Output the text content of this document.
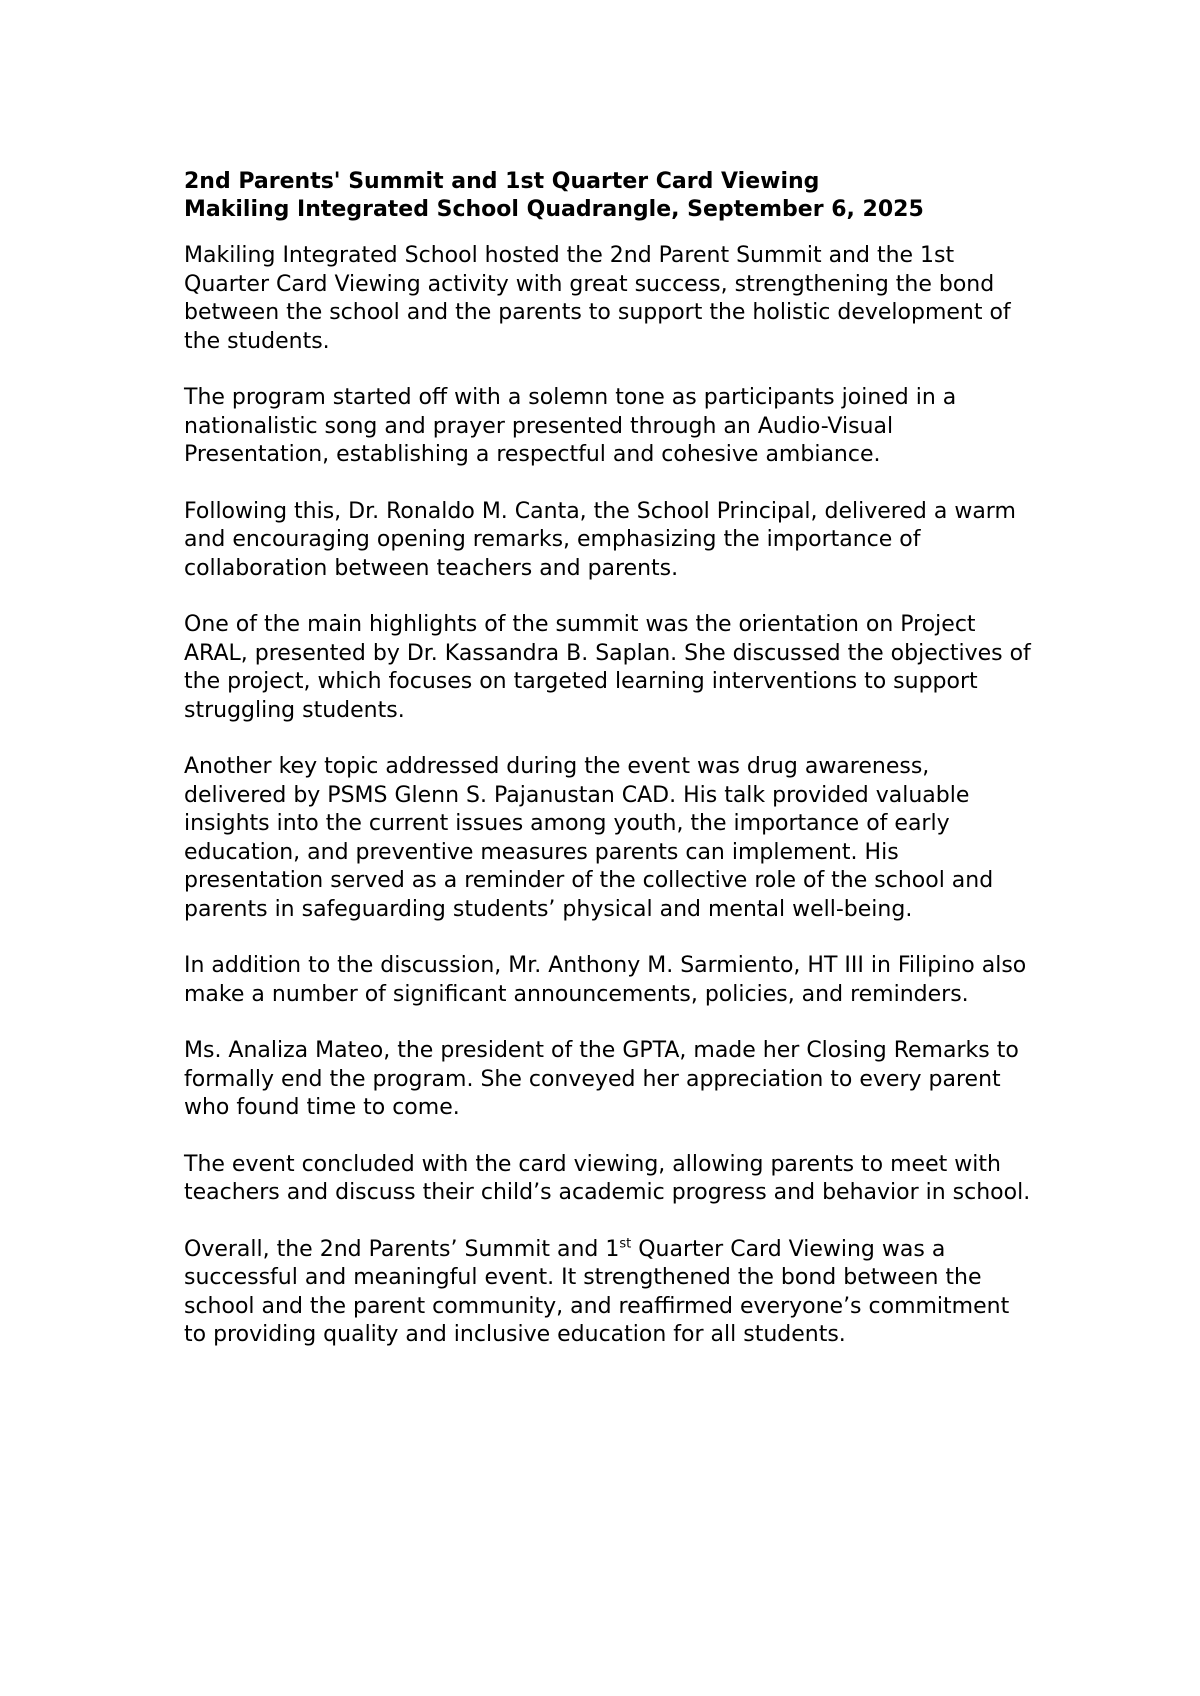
2nd Parents' Summit and 1st Quarter Card Viewing

Makiling Integrated School Quadrangle, September 6, 2025

Makiling Integrated School hosted the 2nd Parent Summit and the 1st Quarter Card Viewing activity with great success, strengthening the bond between the school and the parents to support the holistic development of the students.

The program started off with a solemn tone as participants joined in a nationalistic song and prayer presented through an Audio-Visual Presentation, establishing a respectful and cohesive ambiance.

Following this, Dr. Ronaldo M. Canta, the School Principal, delivered a warm and encouraging opening remarks, emphasizing the importance of collaboration between teachers and parents.

One of the main highlights of the summit was the orientation on Project ARAL, presented by Dr. Kassandra B. Saplan. She discussed the objectives of the project, which focuses on targeted learning interventions to support struggling students.

Another key topic addressed during the event was drug awareness, delivered by PSMS Glenn S. Pajanustan CAD. His talk provided valuable insights into the current issues among youth, the importance of early education, and preventive measures parents can implement. His presentation served as a reminder of the collective role of the school and parents in safeguarding students’ physical and mental well-being.

In addition to the discussion, Mr. Anthony M. Sarmiento, HT III in Filipino also make a number of significant announcements, policies, and reminders.

Ms. Analiza Mateo, the president of the GPTA, made her Closing Remarks to formally end the program. She conveyed her appreciation to every parent who found time to come.

The event concluded with the card viewing, allowing parents to meet with teachers and discuss their child’s academic progress and behavior in school.

Overall, the 2nd Parents’ Summit and 1st Quarter Card Viewing was a successful and meaningful event. It strengthened the bond between the school and the parent community, and reaffirmed everyone’s commitment to providing quality and inclusive education for all students.
